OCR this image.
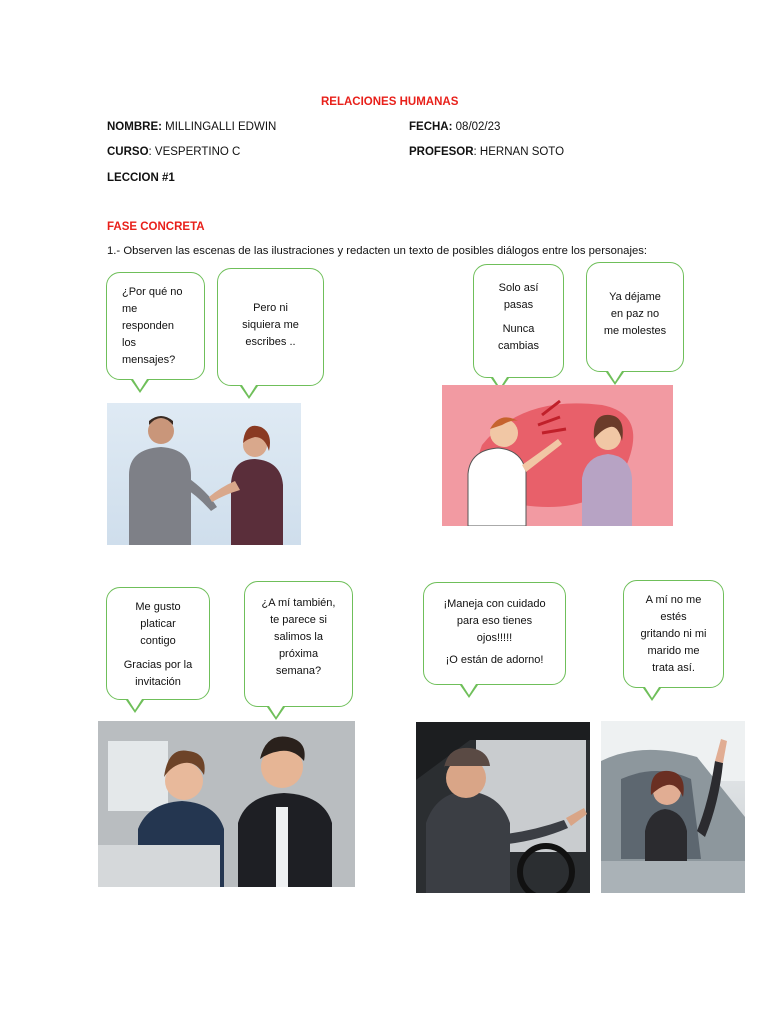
RELACIONES HUMANAS
NOMBRE: MILLINGALLI EDWIN	FECHA: 08/02/23
CURSO: VESPERTINO C	PROFESOR: HERNAN SOTO
LECCION #1
FASE CONCRETA
1.- Observen las escenas de las ilustraciones y redacten un texto de posibles diálogos entre los personajes:

¿Por qué no

me

responden

los

mensajes?

Pero ni

siquiera me

escribes ..

Solo así

pasas

Nunca

cambias

Ya déjame

en paz no

me molestes

Me gusto

platicar

contigo

Gracias por la

invitación

¿A mí también,

te parece si

salimos la

próxima

semana?

¡Maneja con cuidado

para eso tienes

ojos!!!!!

¡O están de adorno!

A mí no me

estés

gritando ni mi

marido me

trata así.
